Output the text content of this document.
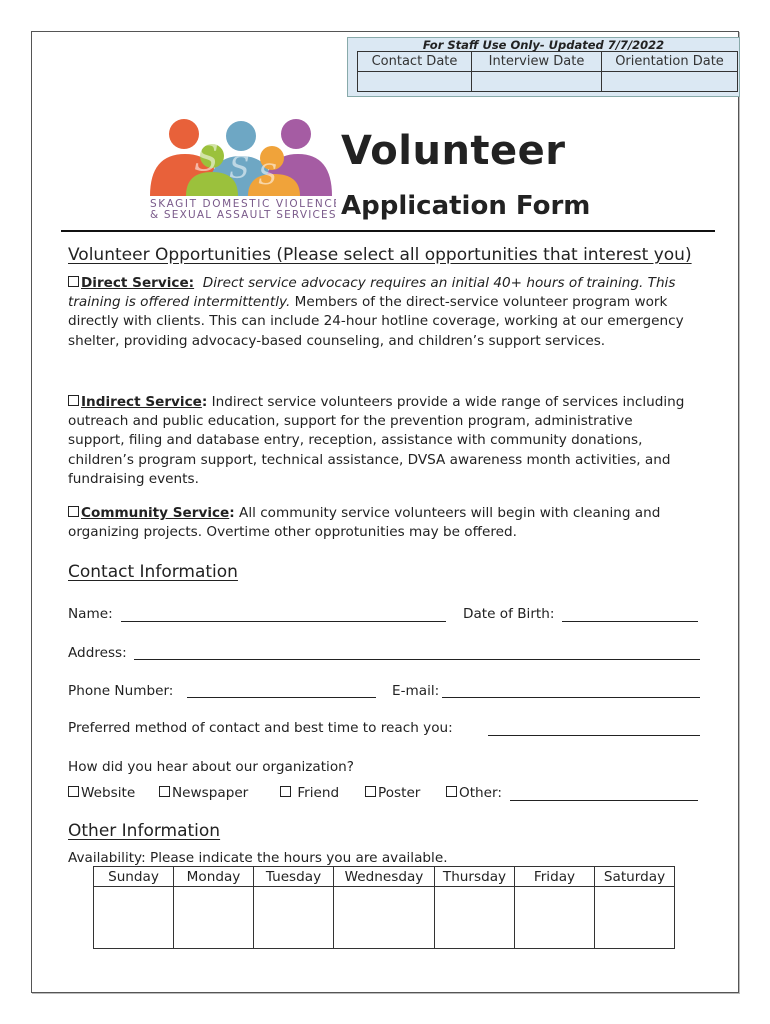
For Staff Use Only- Updated 7/7/2022
Contact Date	Interview Date	Orientation Date

S S S
SKAGIT DOMESTIC VIOLENCE
& SEXUAL ASSAULT SERVICES
Volunteer
Application Form
Volunteer Opportunities (Please select all opportunities that interest you)
Direct Service: Direct service advocacy requires an initial 40+ hours of training. This training is offered intermittently. Members of the direct-service volunteer program work directly with clients. This can include 24-hour hotline coverage, working at our emergency shelter, providing advocacy-based counseling, and children’s support services.
Indirect Service: Indirect service volunteers provide a wide range of services including outreach and public education, support for the prevention program, administrative support, filing and database entry, reception, assistance with community donations, children’s program support, technical assistance, DVSA awareness month activities, and fundraising events.
Community Service: All community service volunteers will begin with cleaning and organizing projects. Overtime other opprotunities may be offered.
Contact Information
Name:	Date of Birth:
Address:
Phone Number:	E-mail:
Preferred method of contact and best time to reach you:
How did you hear about our organization?
Website	Newspaper	Friend	Poster	Other:
Other Information
Availability: Please indicate the hours you are available.
Sunday	Monday	Tuesday	Wednesday	Thursday	Friday	Saturday
